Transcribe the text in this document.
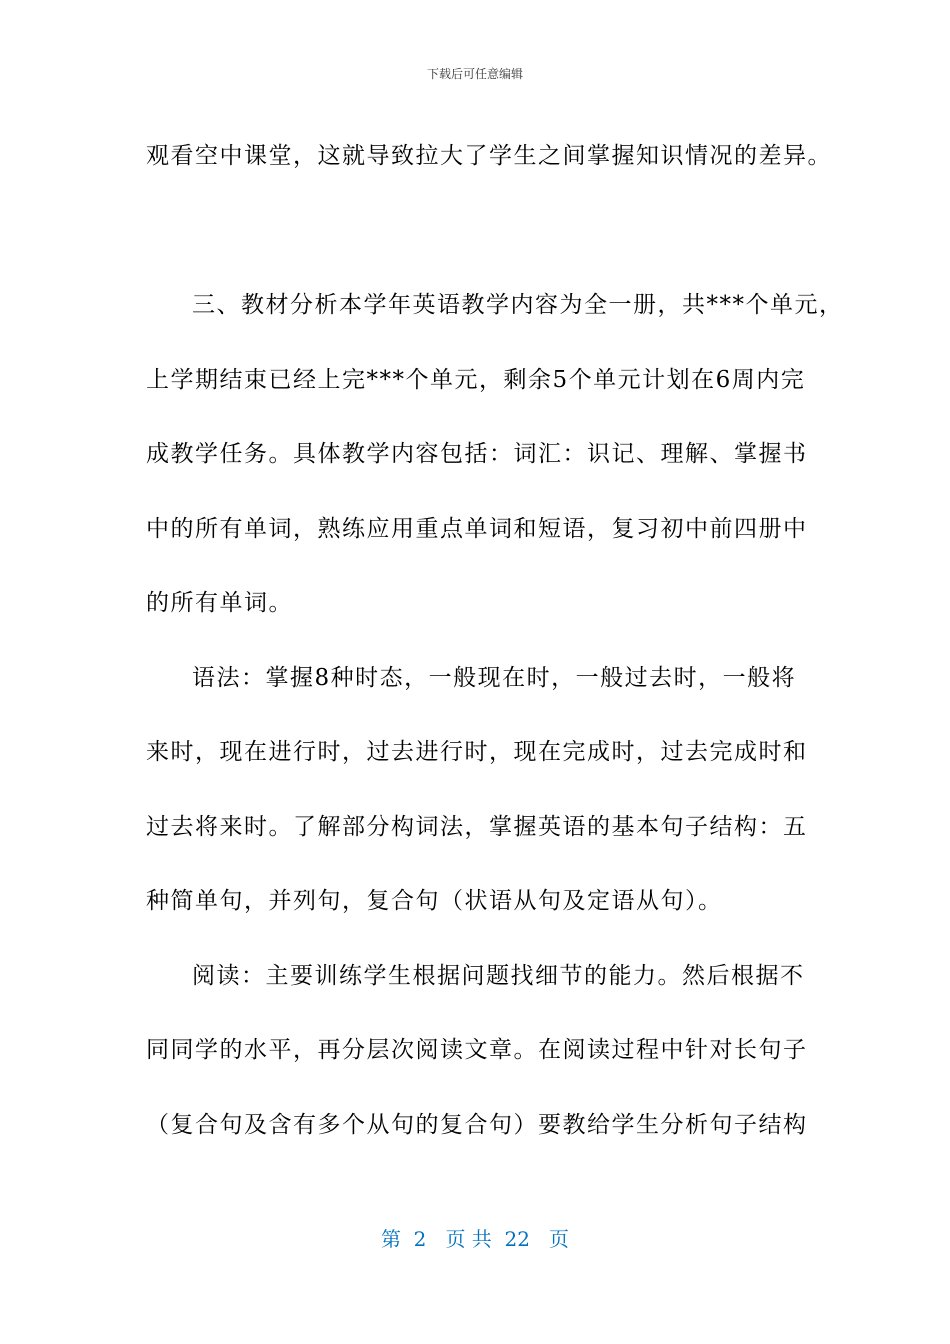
下载后可任意编辑
观看空中课堂，这就导致拉大了学生之间掌握知识情况的差异。
三、教材分析本学年英语教学内容为全一册，共***个单元，
上学期结束已经上完***个单元，剩余5个单元计划在6周内完
成教学任务。具体教学内容包括：词汇：识记、理解、掌握书
中的所有单词，熟练应用重点单词和短语，复习初中前四册中
的所有单词。
语法：掌握8种时态，一般现在时，一般过去时，一般将
来时，现在进行时，过去进行时，现在完成时，过去完成时和
过去将来时。了解部分构词法，掌握英语的基本句子结构：五
种简单句，并列句，复合句（状语从句及定语从句）。
阅读：主要训练学生根据问题找细节的能力。然后根据不
同同学的水平，再分层次阅读文章。在阅读过程中针对长句子
（复合句及含有多个从句的复合句）要教给学生分析句子结构
第  2   页 共  22   页
